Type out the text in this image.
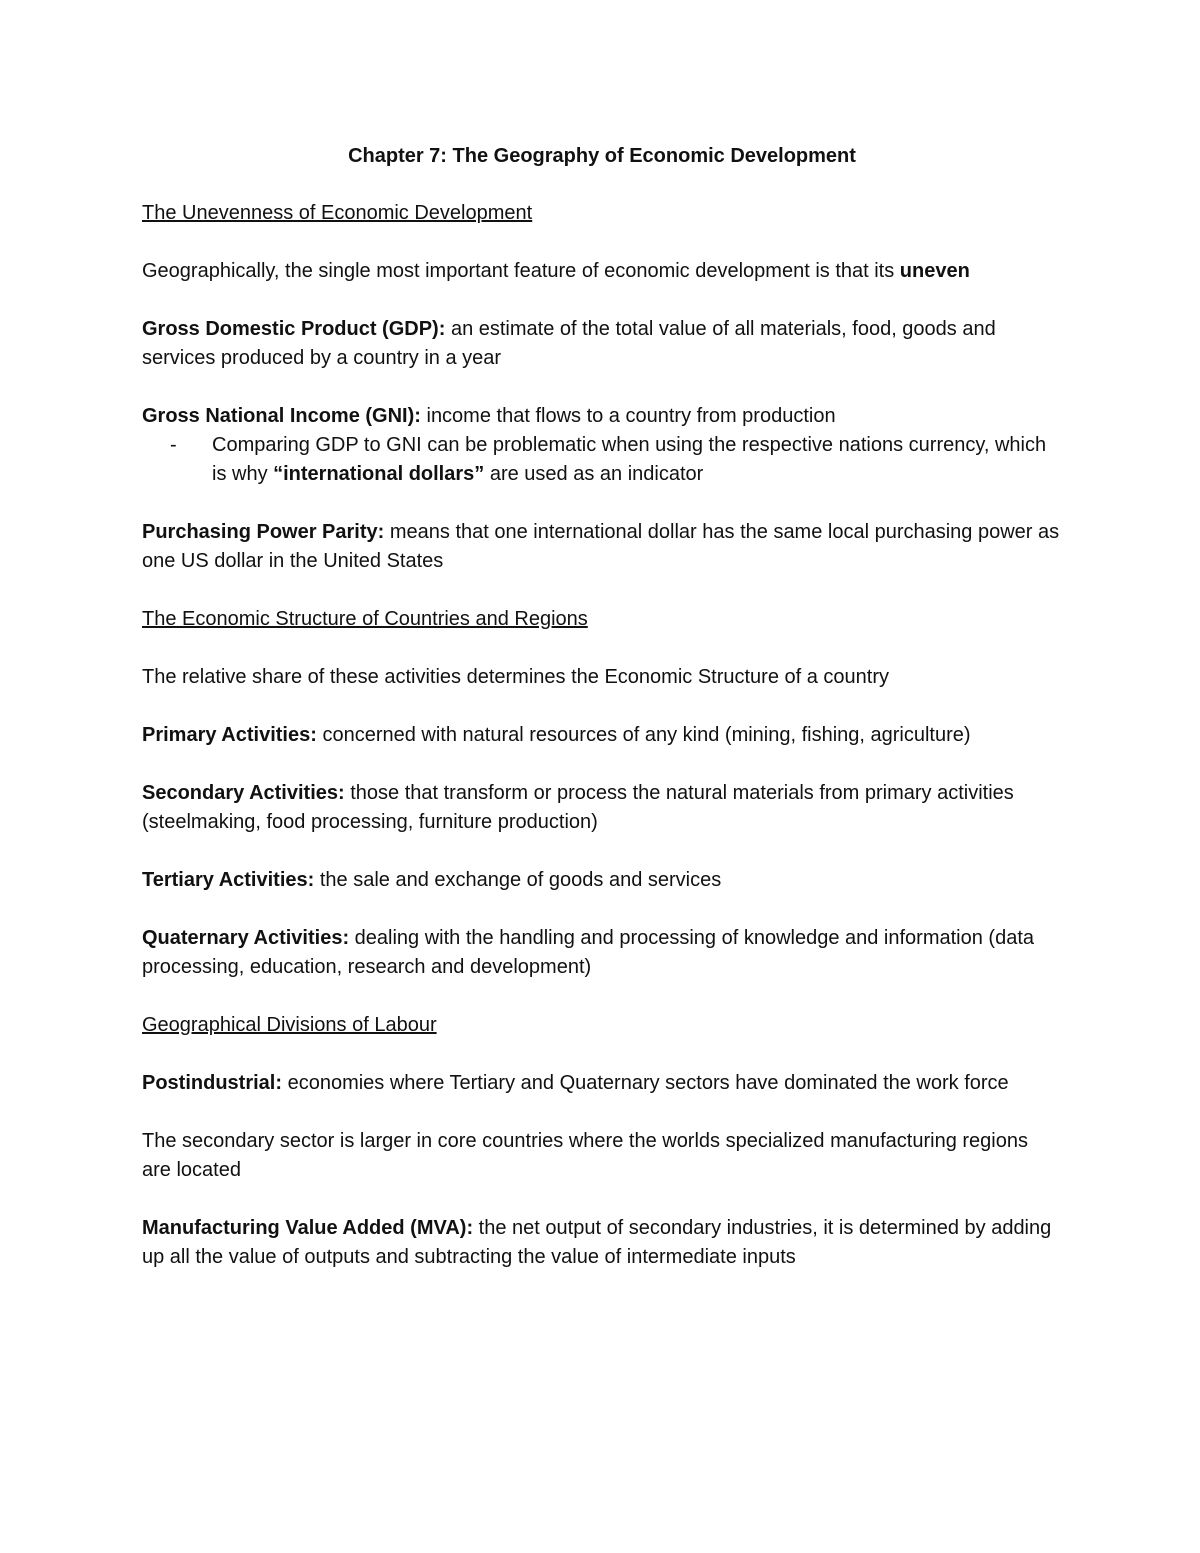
Chapter 7: The Geography of Economic Development
The Unevenness of Economic Development

Geographically, the single most important feature of economic development is that its uneven

Gross Domestic Product (GDP): an estimate of the total value of all materials, food, goods and services produced by a country in a year

Gross National Income (GNI): income that flows to a country from production

- Comparing GDP to GNI can be problematic when using the respective nations currency, which is why “international dollars” are used as an indicator

Purchasing Power Parity: means that one international dollar has the same local purchasing power as one US dollar in the United States

The Economic Structure of Countries and Regions

The relative share of these activities determines the Economic Structure of a country

Primary Activities: concerned with natural resources of any kind (mining, fishing, agriculture)

Secondary Activities: those that transform or process the natural materials from primary activities (steelmaking, food processing, furniture production)

Tertiary Activities: the sale and exchange of goods and services

Quaternary Activities: dealing with the handling and processing of knowledge and information (data processing, education, research and development)

Geographical Divisions of Labour

Postindustrial: economies where Tertiary and Quaternary sectors have dominated the work force

The secondary sector is larger in core countries where the worlds specialized manufacturing regions are located

Manufacturing Value Added (MVA): the net output of secondary industries, it is determined by adding up all the value of outputs and subtracting the value of intermediate inputs
